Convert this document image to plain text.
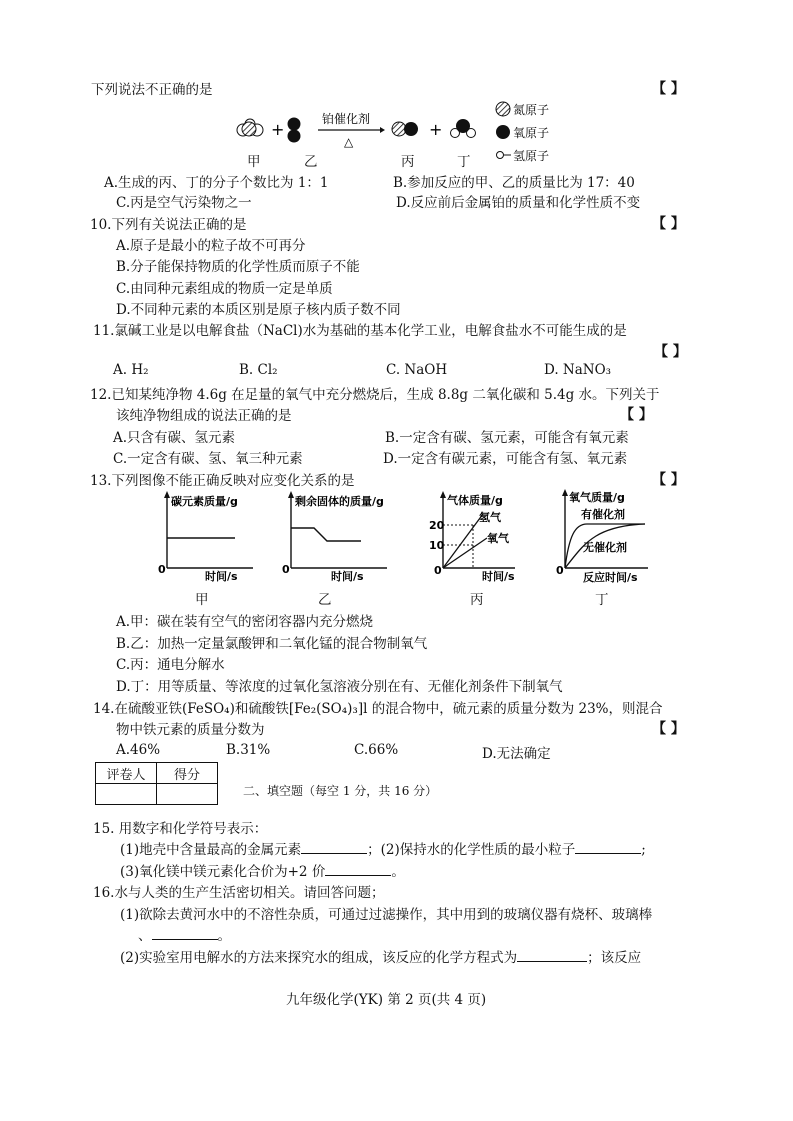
下列说法不正确的是	【 】
+
铂催化剂
△
+
氮原子
氧原子
氢原子
甲	乙	丙	丁
A.生成的丙、丁的分子个数比为 1：1	B.参加反应的甲、乙的质量比为 17：40
C.丙是空气污染物之一	D.反应前后金属铂的质量和化学性质不变
10.下列有关说法正确的是	【 】
A.原子是最小的粒子故不可再分
B.分子能保持物质的化学性质而原子不能
C.由同种元素组成的物质一定是单质
D.不同种元素的本质区别是原子核内质子数不同
11.氯碱工业是以电解食盐（NaCl)水为基础的基本化学工业，电解食盐水不可能生成的是
【 】
A. H₂	B. Cl₂	C. NaOH	D. NaNO₃
12.已知某纯净物 4.6g 在足量的氧气中充分燃烧后，生成 8.8g 二氧化碳和 5.4g 水。下列关于
该纯净物组成的说法正确的是	【 】
A.只含有碳、氢元素	B.一定含有碳、氢元素，可能含有氧元素
C.一定含有碳、氢、氧三种元素	D.一定含有碳元素，可能含有氢、氧元素
13.下列图像不能正确反映对应变化关系的是	【 】
碳元素质量/g
0
时间/s
甲
剩余固体的质量/g
0
时间/s
乙
气体质量/g
20
10
氢气
氧气
0	时间/s
丙
氧气质量/g
有催化剂
无催化剂
0
反应时间/s
丁
A.甲：碳在装有空气的密闭容器内充分燃烧
B.乙：加热一定量氯酸钾和二氧化锰的混合物制氧气
C.丙：通电分解水
D.丁：用等质量、等浓度的过氧化氢溶液分别在有、无催化剂条件下制氧气
14.在硫酸亚铁(FeSO₄)和硫酸铁[Fe₂(SO₄)₃]l 的混合物中，硫元素的质量分数为 23%，则混合
物中铁元素的质量分数为	【 】
A.46%	B.31%	C.66%	D.无法确定
评卷人	得分

二、填空题（每空 1 分，共 16 分）
15. 用数字和化学符号表示：
(1)地壳中含量最高的金属元素	；(2)保持水的化学性质的最小粒子	;
(3)氧化镁中镁元素化合价为+2 价	。
16.水与人类的生产生活密切相关。请回答问题；
(1)欲除去黄河水中的不溶性杂质，可通过过滤操作，其中用到的玻璃仪器有烧杯、玻璃棒
、	。
(2)实验室用电解水的方法来探究水的组成，该反应的化学方程式为	；该反应
九年级化学(YK) 第 2 页(共 4 页)
